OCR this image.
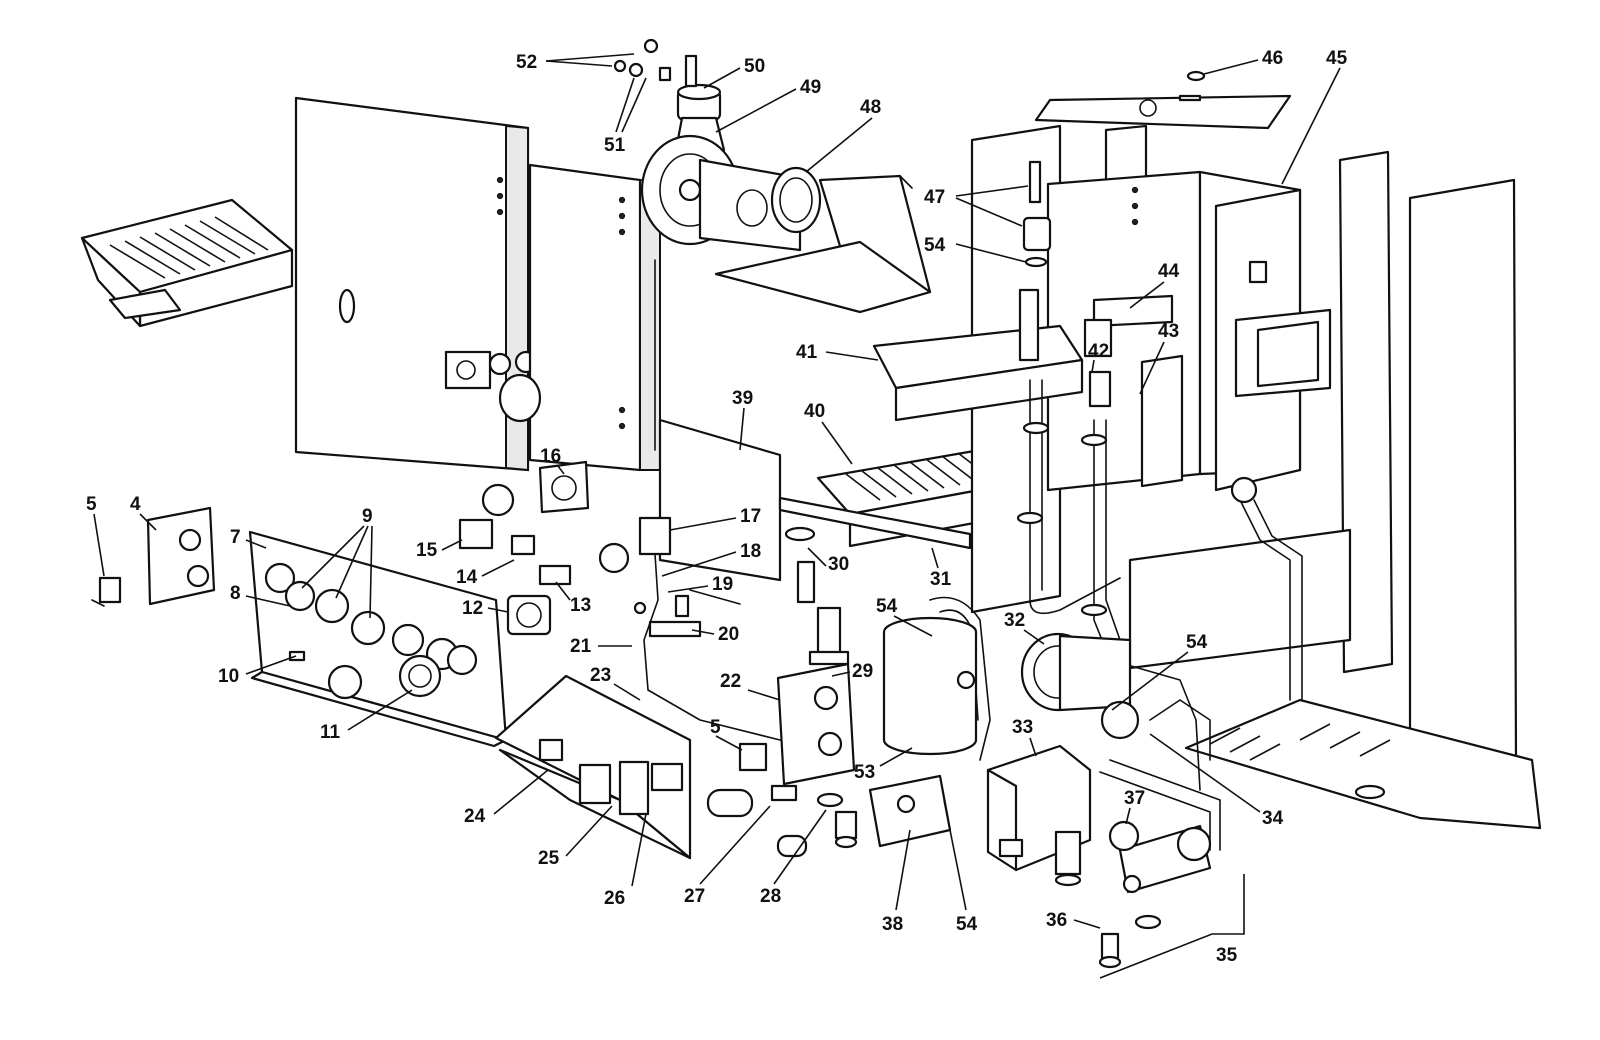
52
51
50
49
48
46 45
47
54
44
43
42
41
40
39
5 4
7
9
8
16
15
14
13
12
10
11
17
18
19
20
21
23	22	29
30
31
5
24
25
26	27	28
53
54
38	54
32
33
54
34
37
36
35
